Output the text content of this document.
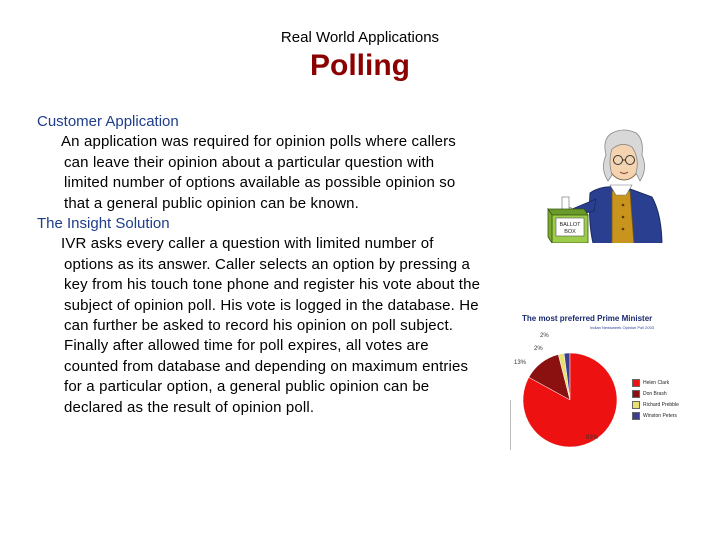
Real World Applications
Polling
Customer Application

An application was required for opinion polls where callers can leave their opinion about a particular question with limited number of options available as possible opinion so that a general public opinion can be known.

The Insight Solution

IVR asks every caller a question with limited number of options as its answer. Caller selects an option by pressing a key from his touch tone phone and register his vote about the subject of opinion poll. His vote is logged in the database. He can further be asked to record his opinion on poll subject. Finally after allowed time for poll expires, all votes are counted from database and depending on maximum entries for a particular option, a general public opinion can be declared as the result of opinion poll.

BALLOT
BOX
The most preferred Prime Minister
Indian Newsweek Opinion Poll 2003
2%
2%
13%
83%
Helen Clark
Don Brash
Richard Prebble
Winston Peters
